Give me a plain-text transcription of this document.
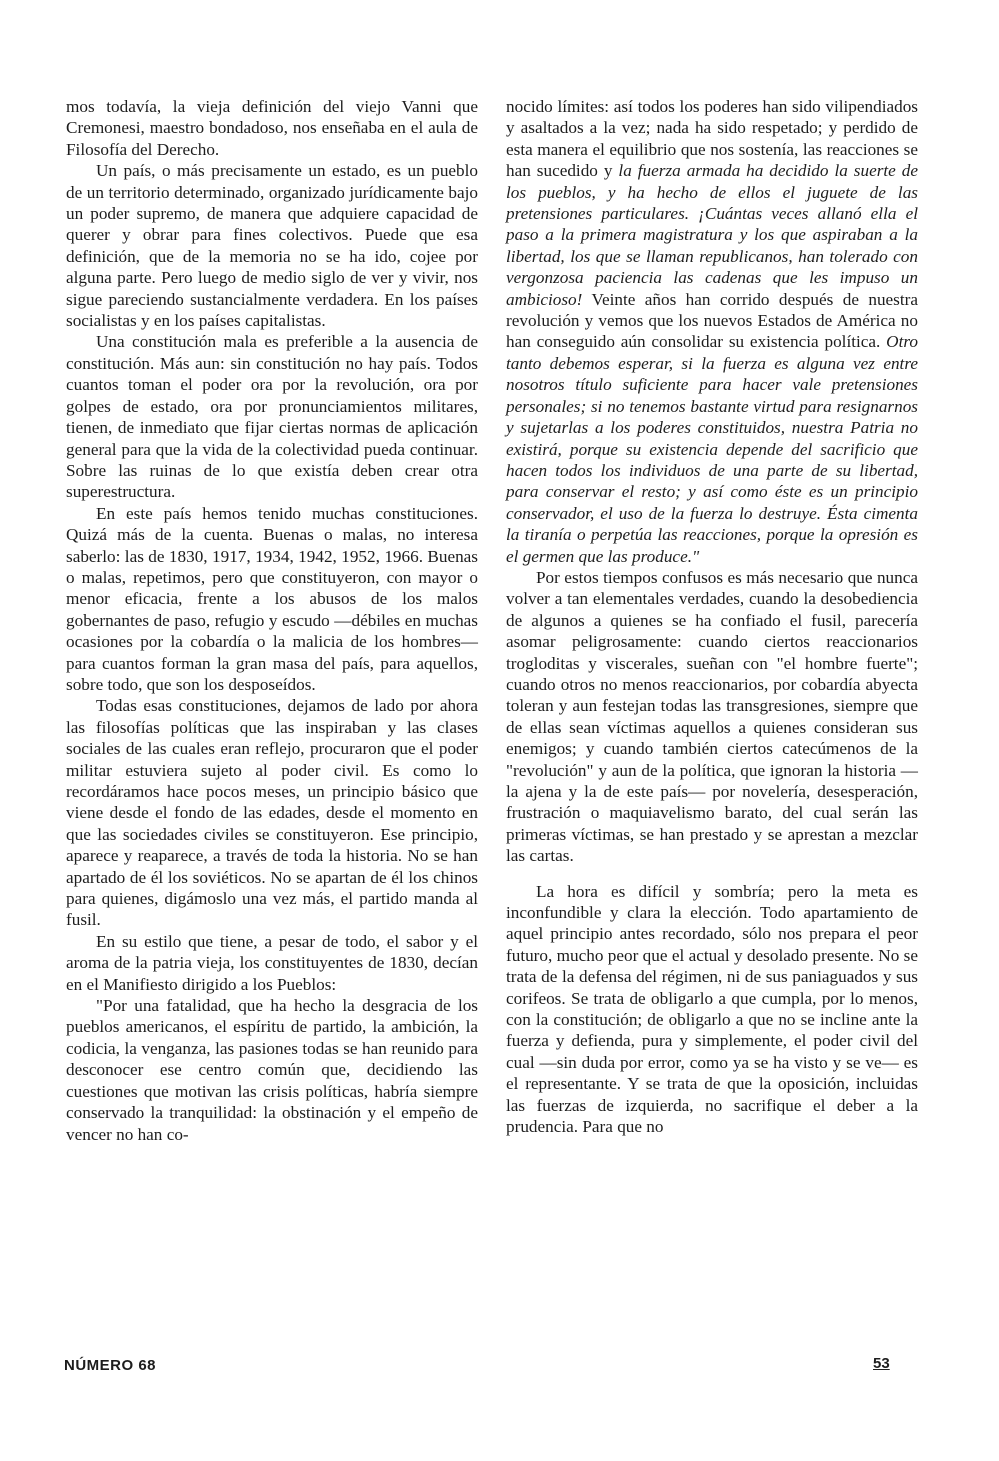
mos todavía, la vieja definición del viejo Vanni que Cremonesi, maestro bondadoso, nos enseñaba en el aula de Filosofía del Derecho.

Un país, o más precisamente un estado, es un pueblo de un territorio determinado, organizado jurídicamente bajo un poder supremo, de manera que adquiere capacidad de querer y obrar para fines colectivos. Puede que esa definición, que de la memoria no se ha ido, cojee por alguna parte. Pero luego de medio siglo de ver y vivir, nos sigue pareciendo sustancialmente verdadera. En los países socialistas y en los países capitalistas.

Una constitución mala es preferible a la ausencia de constitución. Más aun: sin constitución no hay país. Todos cuantos toman el poder ora por la revolución, ora por golpes de estado, ora por pronunciamientos militares, tienen, de inmediato que fijar ciertas normas de aplicación general para que la vida de la colectividad pueda continuar. Sobre las ruinas de lo que existía deben crear otra superestructura.

En este país hemos tenido muchas constituciones. Quizá más de la cuenta. Buenas o malas, no interesa saberlo: las de 1830, 1917, 1934, 1942, 1952, 1966. Buenas o malas, repetimos, pero que constituyeron, con mayor o menor eficacia, frente a los abusos de los malos gobernantes de paso, refugio y escudo —débiles en muchas ocasiones por la cobardía o la malicia de los hombres— para cuantos forman la gran masa del país, para aquellos, sobre todo, que son los desposeídos.

Todas esas constituciones, dejamos de lado por ahora las filosofías políticas que las inspiraban y las clases sociales de las cuales eran reflejo, procuraron que el poder militar estuviera sujeto al poder civil. Es como lo recordáramos hace pocos meses, un principio básico que viene desde el fondo de las edades, desde el momento en que las sociedades civiles se constituyeron. Ese principio, aparece y reaparece, a través de toda la historia. No se han apartado de él los soviéticos. No se apartan de él los chinos para quienes, digámoslo una vez más, el partido manda al fusil.

En su estilo que tiene, a pesar de todo, el sabor y el aroma de la patria vieja, los constituyentes de 1830, decían en el Manifiesto dirigido a los Pueblos:

"Por una fatalidad, que ha hecho la desgracia de los pueblos americanos, el espíritu de partido, la ambición, la codicia, la venganza, las pasiones todas se han reunido para desconocer ese centro común que, decidiendo las cuestiones que motivan las crisis políticas, habría siempre conservado la tranquilidad: la obstinación y el empeño de vencer no han co-

nocido límites: así todos los poderes han sido vilipendiados y asaltados a la vez; nada ha sido respetado; y perdido de esta manera el equilibrio que nos sostenía, las reacciones se han sucedido y la fuerza armada ha decidido la suerte de los pueblos, y ha hecho de ellos el juguete de las pretensiones particulares. ¡Cuántas veces allanó ella el paso a la primera magistratura y los que aspiraban a la libertad, los que se llaman republicanos, han tolerado con vergonzosa paciencia las cadenas que les impuso un ambicioso! Veinte años han corrido después de nuestra revolución y vemos que los nuevos Estados de América no han conseguido aún consolidar su existencia política. Otro tanto debemos esperar, si la fuerza es alguna vez entre nosotros título suficiente para hacer vale pretensiones personales; si no tenemos bastante virtud para resignarnos y sujetarlas a los poderes constituidos, nuestra Patria no existirá, porque su existencia depende del sacrificio que hacen todos los individuos de una parte de su libertad, para conservar el resto; y así como éste es un principio conservador, el uso de la fuerza lo destruye. Ésta cimenta la tiranía o perpetúa las reacciones, porque la opresión es el germen que las produce."

Por estos tiempos confusos es más necesario que nunca volver a tan elementales verdades, cuando la desobediencia de algunos a quienes se ha confiado el fusil, parecería asomar peligrosamente: cuando ciertos reaccionarios trogloditas y viscerales, sueñan con "el hombre fuerte"; cuando otros no menos reaccionarios, por cobardía abyecta toleran y aun festejan todas las transgresiones, siempre que de ellas sean víctimas aquellos a quienes consideran sus enemigos; y cuando también ciertos catecúmenos de la "revolución" y aun de la política, que ignoran la historia —la ajena y la de este país— por novelería, desesperación, frustración o maquiavelismo barato, del cual serán las primeras víctimas, se han prestado y se aprestan a mezclar las cartas.

La hora es difícil y sombría; pero la meta es inconfundible y clara la elección. Todo apartamiento de aquel principio antes recordado, sólo nos prepara el peor futuro, mucho peor que el actual y desolado presente. No se trata de la defensa del régimen, ni de sus paniaguados y sus corifeos. Se trata de obligarlo a que cumpla, por lo menos, con la constitución; de obligarlo a que no se incline ante la fuerza y defienda, pura y simplemente, el poder civil del cual —sin duda por error, como ya se ha visto y se ve— es el representante. Y se trata de que la oposición, incluidas las fuerzas de izquierda, no sacrifique el deber a la prudencia. Para que no

NÚMERO 68	53
